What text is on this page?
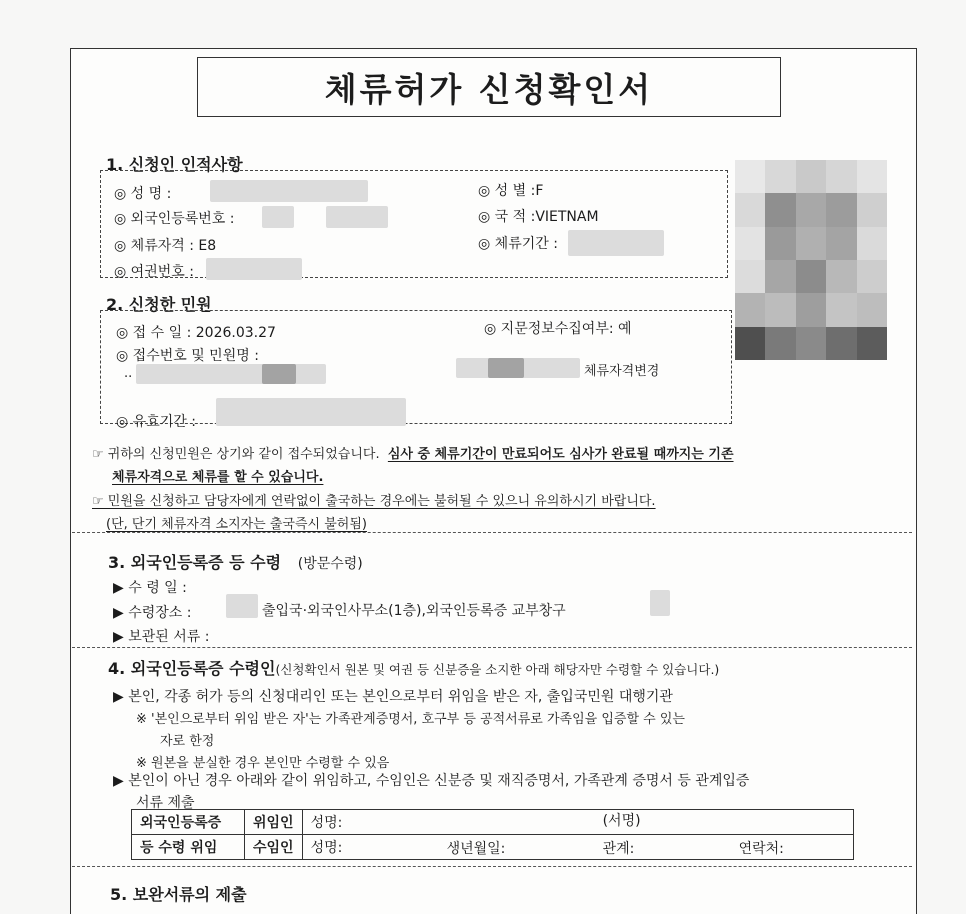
체류허가 신청확인서
1. 신청인 인적사항
◎ 성 명 :
◎ 외국인등록번호 :
◎ 체류자격 : E8
◎ 여권번호 :
◎ 성 별 :F
◎ 국 적 :VIETNAM
◎ 체류기간 :
2. 신청한 민원
◎ 접 수 일 : 2026.03.27	◎ 지문정보수집여부: 예
◎ 접수번호 및 민원명 :
..	체류자격변경
◎ 유효기간 :
☞ 귀하의 신청민원은 상기와 같이 접수되었습니다. 심사 중 체류기간이 만료되어도 심사가 완료될 때까지는 기존
체류자격으로 체류를 할 수 있습니다.
☞ 민원을 신청하고 담당자에게 연락없이 출국하는 경우에는 불허될 수 있으니 유의하시기 바랍니다.
(단, 단기 체류자격 소지자는 출국즉시 불허됨)
3. 외국인등록증 등 수령 (방문수령)
▶ 수 령 일 :
▶ 수령장소 :	출입국·외국인사무소(1층),외국인등록증 교부창구
▶ 보관된 서류 :
4. 외국인등록증 수령인(신청확인서 원본 및 여권 등 신분증을 소지한 아래 해당자만 수령할 수 있습니다.)
▶ 본인, 각종 허가 등의 신청대리인 또는 본인으로부터 위임을 받은 자, 출입국민원 대행기관
※ '본인으로부터 위임 받은 자'는 가족관계증명서, 호구부 등 공적서류로 가족임을 입증할 수 있는
자로 한정
※ 원본을 분실한 경우 본인만 수령할 수 있음
▶ 본인이 아닌 경우 아래와 같이 위임하고, 수임인은 신분증 및 재직증명서, 가족관계 증명서 등 관계입증
서류 제출
외국인등록증	위임인	성명: (서명)

등 수령 위임	수임인	성명: 생년월일: 관계: 연락처:
5. 보완서류의 제출
